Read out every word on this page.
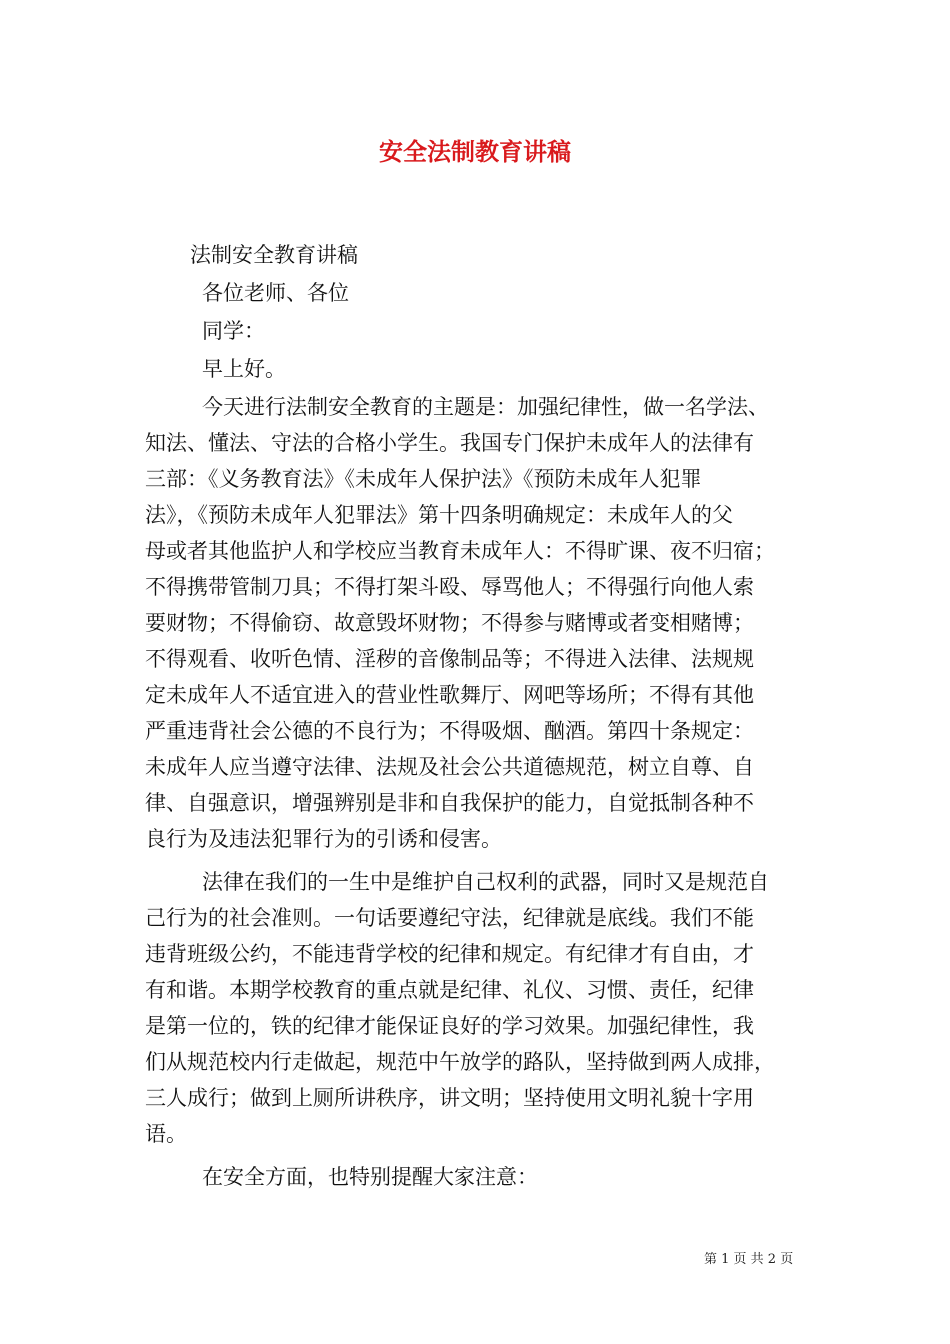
安全法制教育讲稿
法制安全教育讲稿
各位老师、各位
同学：
早上好。
今天进行法制安全教育的主题是：加强纪律性，做一名学法、
知法、懂法、守法的合格小学生。我国专门保护未成年人的法律有
三部：《义务教育法》《未成年人保护法》《预防未成年人犯罪
法》，《预防未成年人犯罪法》第十四条明确规定：未成年人的父
母或者其他监护人和学校应当教育未成年人：不得旷课、夜不归宿；
不得携带管制刀具；不得打架斗殴、辱骂他人；不得强行向他人索
要财物；不得偷窃、故意毁坏财物；不得参与赌博或者变相赌博；
不得观看、收听色情、淫秽的音像制品等；不得进入法律、法规规
定未成年人不适宜进入的营业性歌舞厅、网吧等场所；不得有其他
严重违背社会公德的不良行为；不得吸烟、酗酒。第四十条规定：
未成年人应当遵守法律、法规及社会公共道德规范，树立自尊、自
律、自强意识，增强辨别是非和自我保护的能力，自觉抵制各种不
良行为及违法犯罪行为的引诱和侵害。
法律在我们的一生中是维护自己权利的武器，同时又是规范自
己行为的社会准则。一句话要遵纪守法，纪律就是底线。我们不能
违背班级公约，不能违背学校的纪律和规定。有纪律才有自由，才
有和谐。本期学校教育的重点就是纪律、礼仪、习惯、责任，纪律
是第一位的，铁的纪律才能保证良好的学习效果。加强纪律性，我
们从规范校内行走做起，规范中午放学的路队，坚持做到两人成排，
三人成行；做到上厕所讲秩序，讲文明；坚持使用文明礼貌十字用
语。
在安全方面，也特别提醒大家注意：
第 1 页 共 2 页
